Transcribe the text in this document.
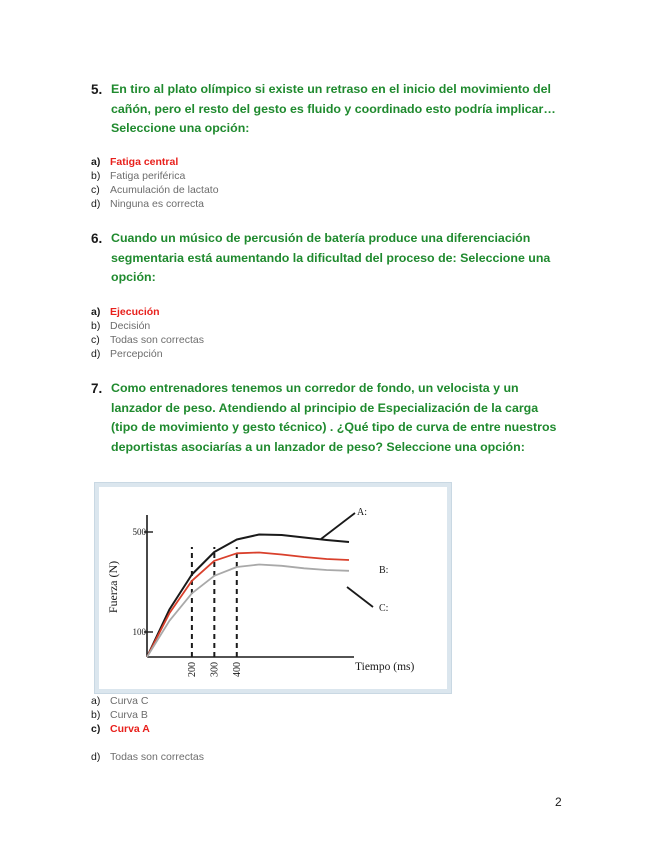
5. En tiro al plato olímpico si existe un retraso en el inicio del movimiento del cañón, pero el resto del gesto es fluido y coordinado esto podría implicar… Seleccione una opción:
a) Fatiga central
b) Fatiga periférica
c) Acumulación de lactato
d) Ninguna es correcta
6. Cuando un músico de percusión de batería produce una diferenciación segmentaria está aumentando la dificultad del proceso de: Seleccione una opción:
a) Ejecución
b) Decisión
c) Todas son correctas
d) Percepción
7. Como entrenadores tenemos un corredor de fondo, un velocista y un lanzador de peso. Atendiendo al principio de Especialización de la carga (tipo de movimiento y gesto técnico) . ¿Qué tipo de curva de entre nuestros deportistas asociarías a un lanzador de peso? Seleccione una opción:
100
500
200 300 400
A:
B:
C:
Fuerza (N)
Tiempo (ms)
a) Curva C
b) Curva B
c) Curva A
d) Todas son correctas
2
